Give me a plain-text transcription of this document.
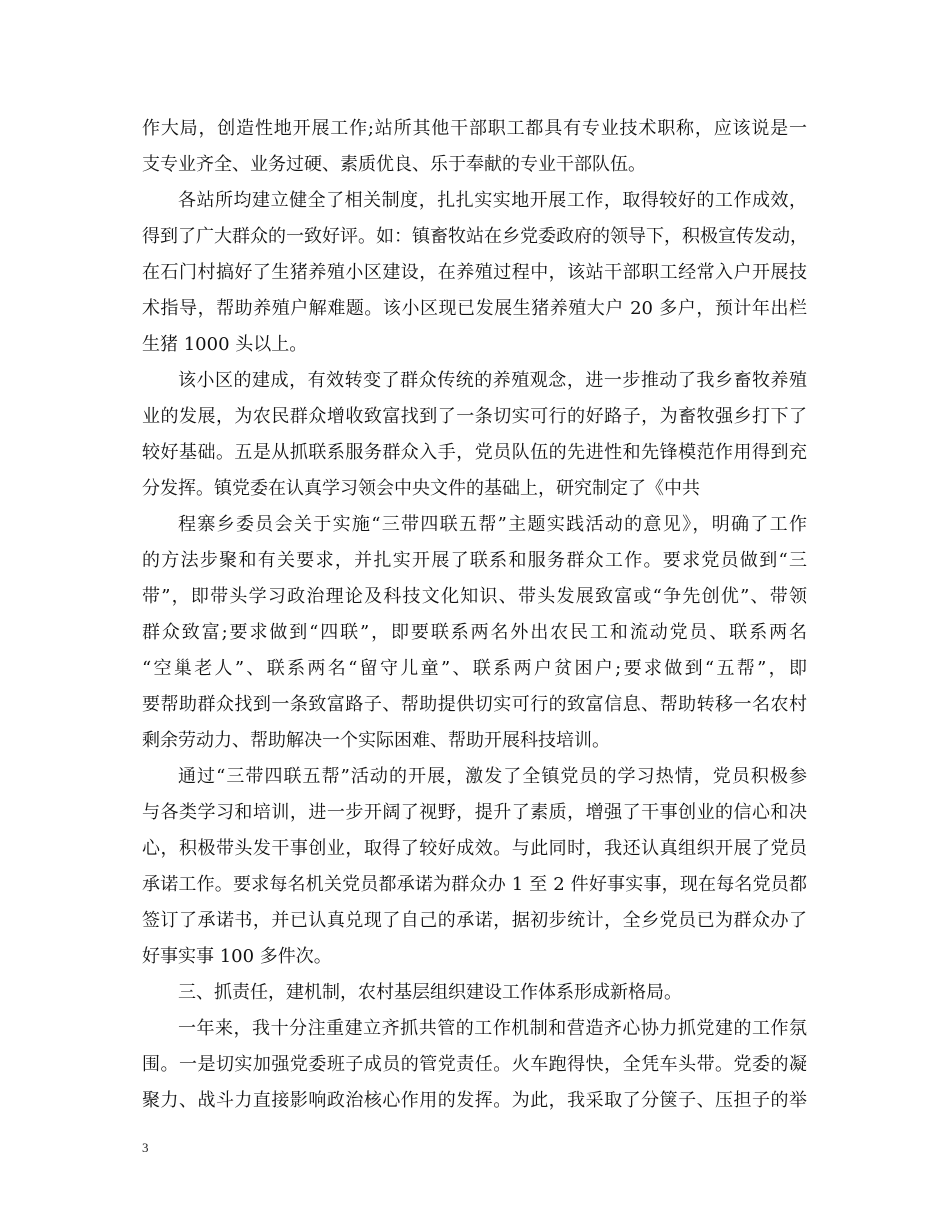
作大局，创造性地开展工作;站所其他干部职工都具有专业技术职称，应该说是一
支专业齐全、业务过硬、素质优良、乐于奉献的专业干部队伍。
各站所均建立健全了相关制度，扎扎实实地开展工作，取得较好的工作成效，
得到了广大群众的一致好评。如：镇畜牧站在乡党委政府的领导下，积极宣传发动，
在石门村搞好了生猪养殖小区建设，在养殖过程中，该站干部职工经常入户开展技
术指导，帮助养殖户解难题。该小区现已发展生猪养殖大户 20 多户，预计年出栏
生猪 1000 头以上。
该小区的建成，有效转变了群众传统的养殖观念，进一步推动了我乡畜牧养殖
业的发展，为农民群众增收致富找到了一条切实可行的好路子，为畜牧强乡打下了
较好基础。五是从抓联系服务群众入手，党员队伍的先进性和先锋模范作用得到充
分发挥。镇党委在认真学习领会中央文件的基础上，研究制定了《中共
程寨乡委员会关于实施“三带四联五帮”主题实践活动的意见》，明确了工作
的方法步聚和有关要求，并扎实开展了联系和服务群众工作。要求党员做到“三
带”，即带头学习政治理论及科技文化知识、带头发展致富或“争先创优”、带领
群众致富;要求做到“四联”，即要联系两名外出农民工和流动党员、联系两名
“空巢老人”、联系两名“留守儿童”、联系两户贫困户;要求做到“五帮”，即
要帮助群众找到一条致富路子、帮助提供切实可行的致富信息、帮助转移一名农村
剩余劳动力、帮助解决一个实际困难、帮助开展科技培训。
通过“三带四联五帮”活动的开展，激发了全镇党员的学习热情，党员积极参
与各类学习和培训，进一步开阔了视野，提升了素质，增强了干事创业的信心和决
心，积极带头发干事创业，取得了较好成效。与此同时，我还认真组织开展了党员
承诺工作。要求每名机关党员都承诺为群众办 1 至 2 件好事实事，现在每名党员都
签订了承诺书，并已认真兑现了自己的承诺，据初步统计，全乡党员已为群众办了
好事实事 100 多件次。
三、抓责任，建机制，农村基层组织建设工作体系形成新格局。
一年来，我十分注重建立齐抓共管的工作机制和营造齐心协力抓党建的工作氛
围。一是切实加强党委班子成员的管党责任。火车跑得快，全凭车头带。党委的凝
聚力、战斗力直接影响政治核心作用的发挥。为此，我采取了分箧子、压担子的举
3
